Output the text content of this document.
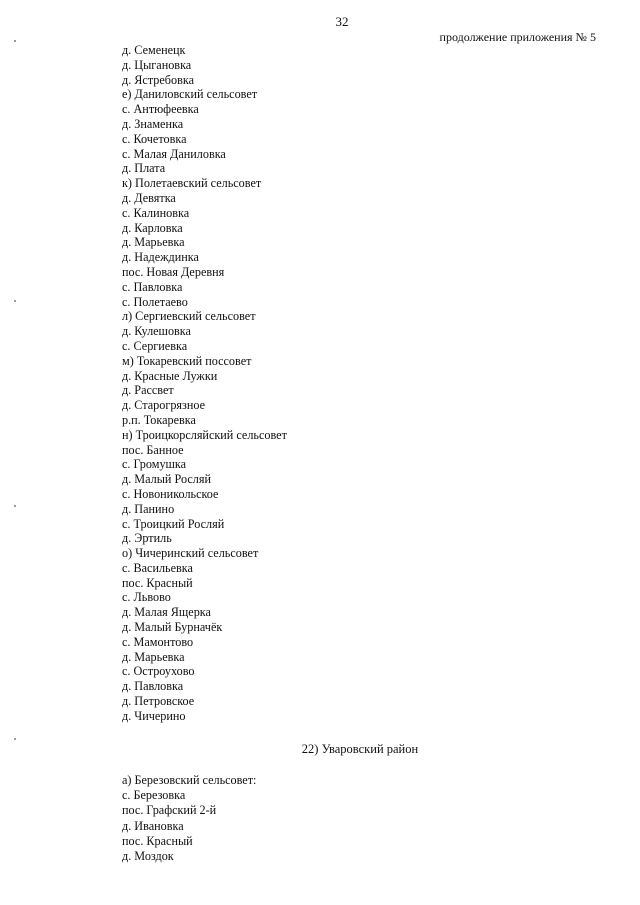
32
продолжение приложения № 5
д. Семенецк
д. Цыгановка
д. Ястребовка
е) Даниловский сельсовет
с. Антюфеевка
д. Знаменка
с. Кочетовка
с. Малая Даниловка
д. Плата
к) Полетаевский сельсовет
д. Девятка
с. Калиновка
д. Карловка
д. Марьевка
д. Надеждинка
пос. Новая Деревня
с. Павловка
с. Полетаево
л) Сергиевский сельсовет
д. Кулешовка
с. Сергиевка
м) Токаревский поссовет
д. Красные Лужки
д. Рассвет
д. Старогрязное
р.п. Токаревка
н) Троицкорсляйский сельсовет
пос. Банное
с. Громушка
д. Малый Росляй
с. Новоникольское
д. Панино
с. Троицкий Росляй
д. Эртиль
о) Чичеринский сельсовет
с. Васильевка
пос. Красный
с. Львово
д. Малая Ящерка
д. Малый Бурначёк
с. Мамонтово
д. Марьевка
с. Остроухово
д. Павловка
д. Петровское
д. Чичерино
22) Уваровский район
а) Березовский сельсовет:
с. Березовка
пос. Графский 2-й
д. Ивановка
пос. Красный
д. Моздок
